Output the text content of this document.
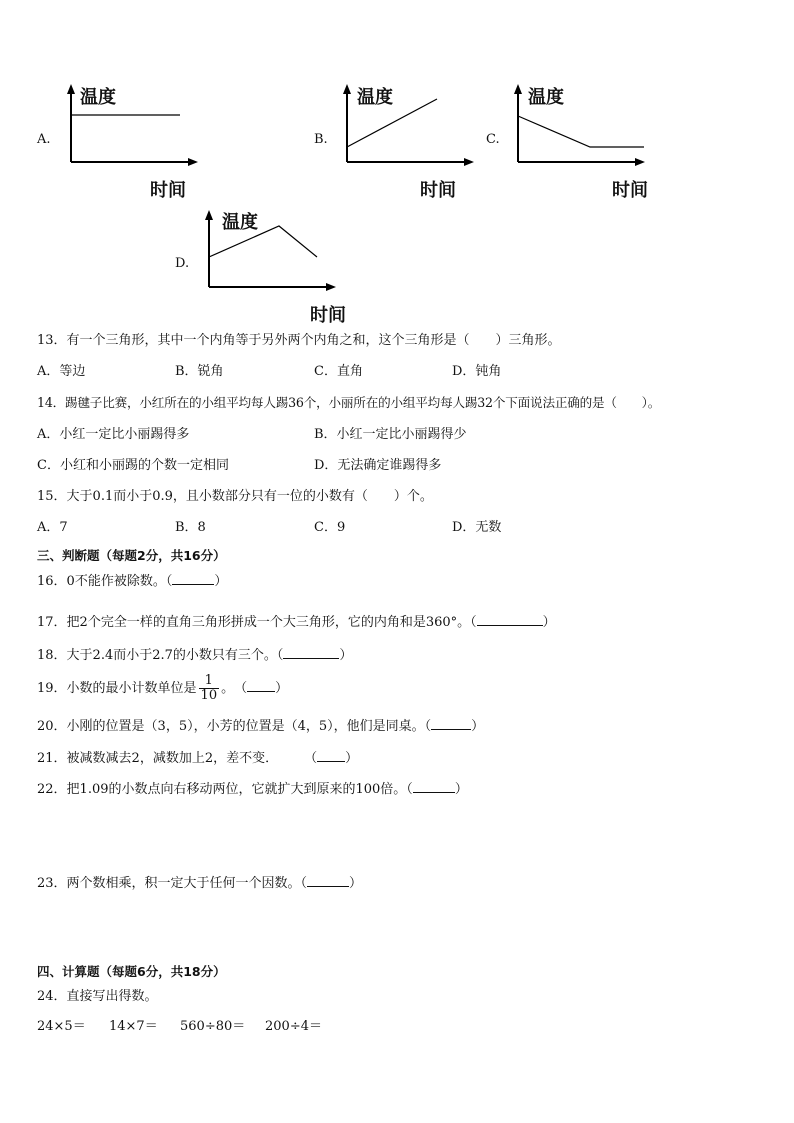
A.
温度
时间
B.
温度
时间
C.
温度
时间
D.
温度
时间
13．有一个三角形，其中一个内角等于另外两个内角之和，这个三角形是（　　）三角形。
A．等边	B．锐角	C．直角	D．钝角
14．踢毽子比赛，小红所在的小组平均每人踢36个，小丽所在的小组平均每人踢32个下面说法正确的是（　　）。
A．小红一定比小丽踢得多	B．小红一定比小丽踢得少
C．小红和小丽踢的个数一定相同	D．无法确定谁踢得多
15．大于0.1而小于0.9，且小数部分只有一位的小数有（　　）个。
A．7	B．8	C．9	D．无数
三、判断题（每题2分，共16分）
16．0不能作被除数。（	）
17．把2个完全一样的直角三角形拼成一个大三角形，它的内角和是360°。（	）
18．大于2.4而小于2.7的小数只有三个。（	）
19．小数的最小计数单位是 $\frac{1}{10}$ 。　（ ）
20．小刚的位置是（3，5），小芳的位置是（4，5），他们是同桌。（	）
21．被减数减去2，减数加上2，差不变．　　　（ ）
22．把1.09的小数点向右移动两位，它就扩大到原来的100倍。（	）
23．两个数相乘，积一定大于任何一个因数。（	）
四、计算题（每题6分，共18分）
24．直接写出得数。
24×5＝ 14×7＝ 560÷80＝ 200÷4＝
